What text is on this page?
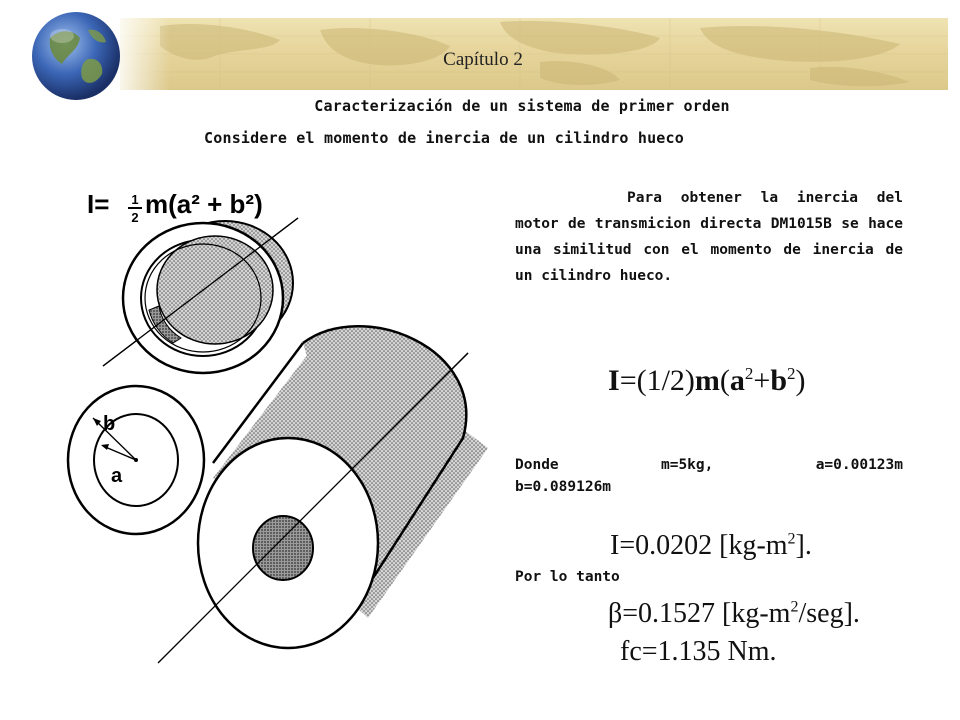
Capítulo 2
Caracterización de un sistema de primer orden
Considere el momento de inercia de un cilindro hueco
I= 1
2 m(a² + b²)
b
a

Para obtener la inercia del motor de transmicion directa DM1015B se hace una similitud con el momento de inercia de un cilindro hueco.

$I=(1/2)m(a^2+b^2)$

Donde m=5kg, a=0.00123m

b=0.089126m
I=0.0202 $[kg-m^2]$.
Por lo tanto
β=0.1527 $[kg-m^2/seg]$.
fc=1.135 Nm.
